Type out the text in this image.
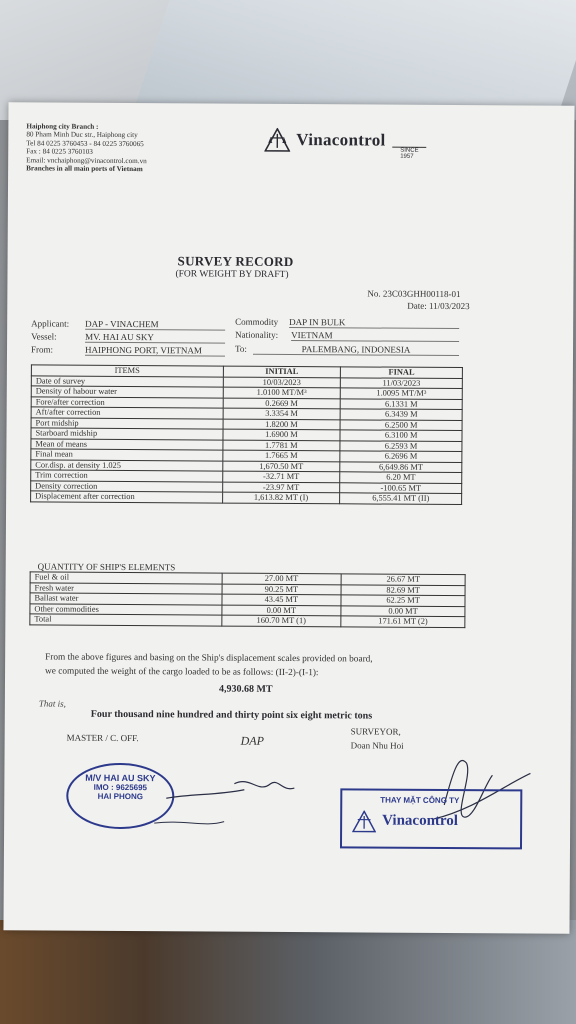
Haiphong city Branch :
80 Pham Minh Duc str., Haiphong city
Tel 84 0225 3760453 - 84 0225 3760065
Fax : 84 0225 3760103
Email: vnchaiphong@vinacontrol.com.vn
Branches in all main ports of Vietnam
Vinacontrol
SINCE 1957
SURVEY RECORD
(FOR WEIGHT BY DRAFT)
No. 23C03GHH00118-01
Date: 11/03/2023
Applicant: DAP - VINACHEM
Vessel:	MV. HAI AU SKY
From:	HAIPHONG PORT, VIETNAM
Commodity DAP IN BULK
Nationality: VIETNAM
To:	PALEMBANG, INDONESIA
ITEMS	INITIAL	FINAL
Date of survey	10/03/2023	11/03/2023
Density of habour water	1.0100 MT/M³	1.0095 MT/M³
Fore/after correction	0.2669 M	6.1331 M
Aft/after correction	3.3354 M	6.3439 M
Port midship	1.8200 M	6.2500 M
Starboard midship	1.6900 M	6.3100 M
Mean of means	1.7781 M	6.2593 M
Final mean	1.7665 M	6.2696 M
Cor.disp. at density 1.025	1,670.50 MT	6,649.86 MT
Trim correction	-32.71 MT	6.20 MT
Density correction	-23.97 MT	-100.65 MT
Displacement after correction	1,613.82 MT (I)	6,555.41 MT (II)
QUANTITY OF SHIP'S ELEMENTS
Fuel & oil	27.00 MT	26.67 MT
Fresh water	90.25 MT	82.69 MT
Ballast water	43.45 MT	62.25 MT
Other commodities	0.00 MT	0.00 MT
Total	160.70 MT (1)	171.61 MT (2)
From the above figures and basing on the Ship's displacement scales provided on board,
we computed the weight of the cargo loaded to be as follows: (II-2)-(I-1):
4,930.68 MT
That is,
Four thousand nine hundred and thirty point six eight metric tons
MASTER / C. OFF.	DAP
SURVEYOR,
Doan Nhu Hoi
M/V HAI AU SKY
IMO : 9625695
HAI PHONG	THAY MẶT CÔNG TY
Vinacontrol
